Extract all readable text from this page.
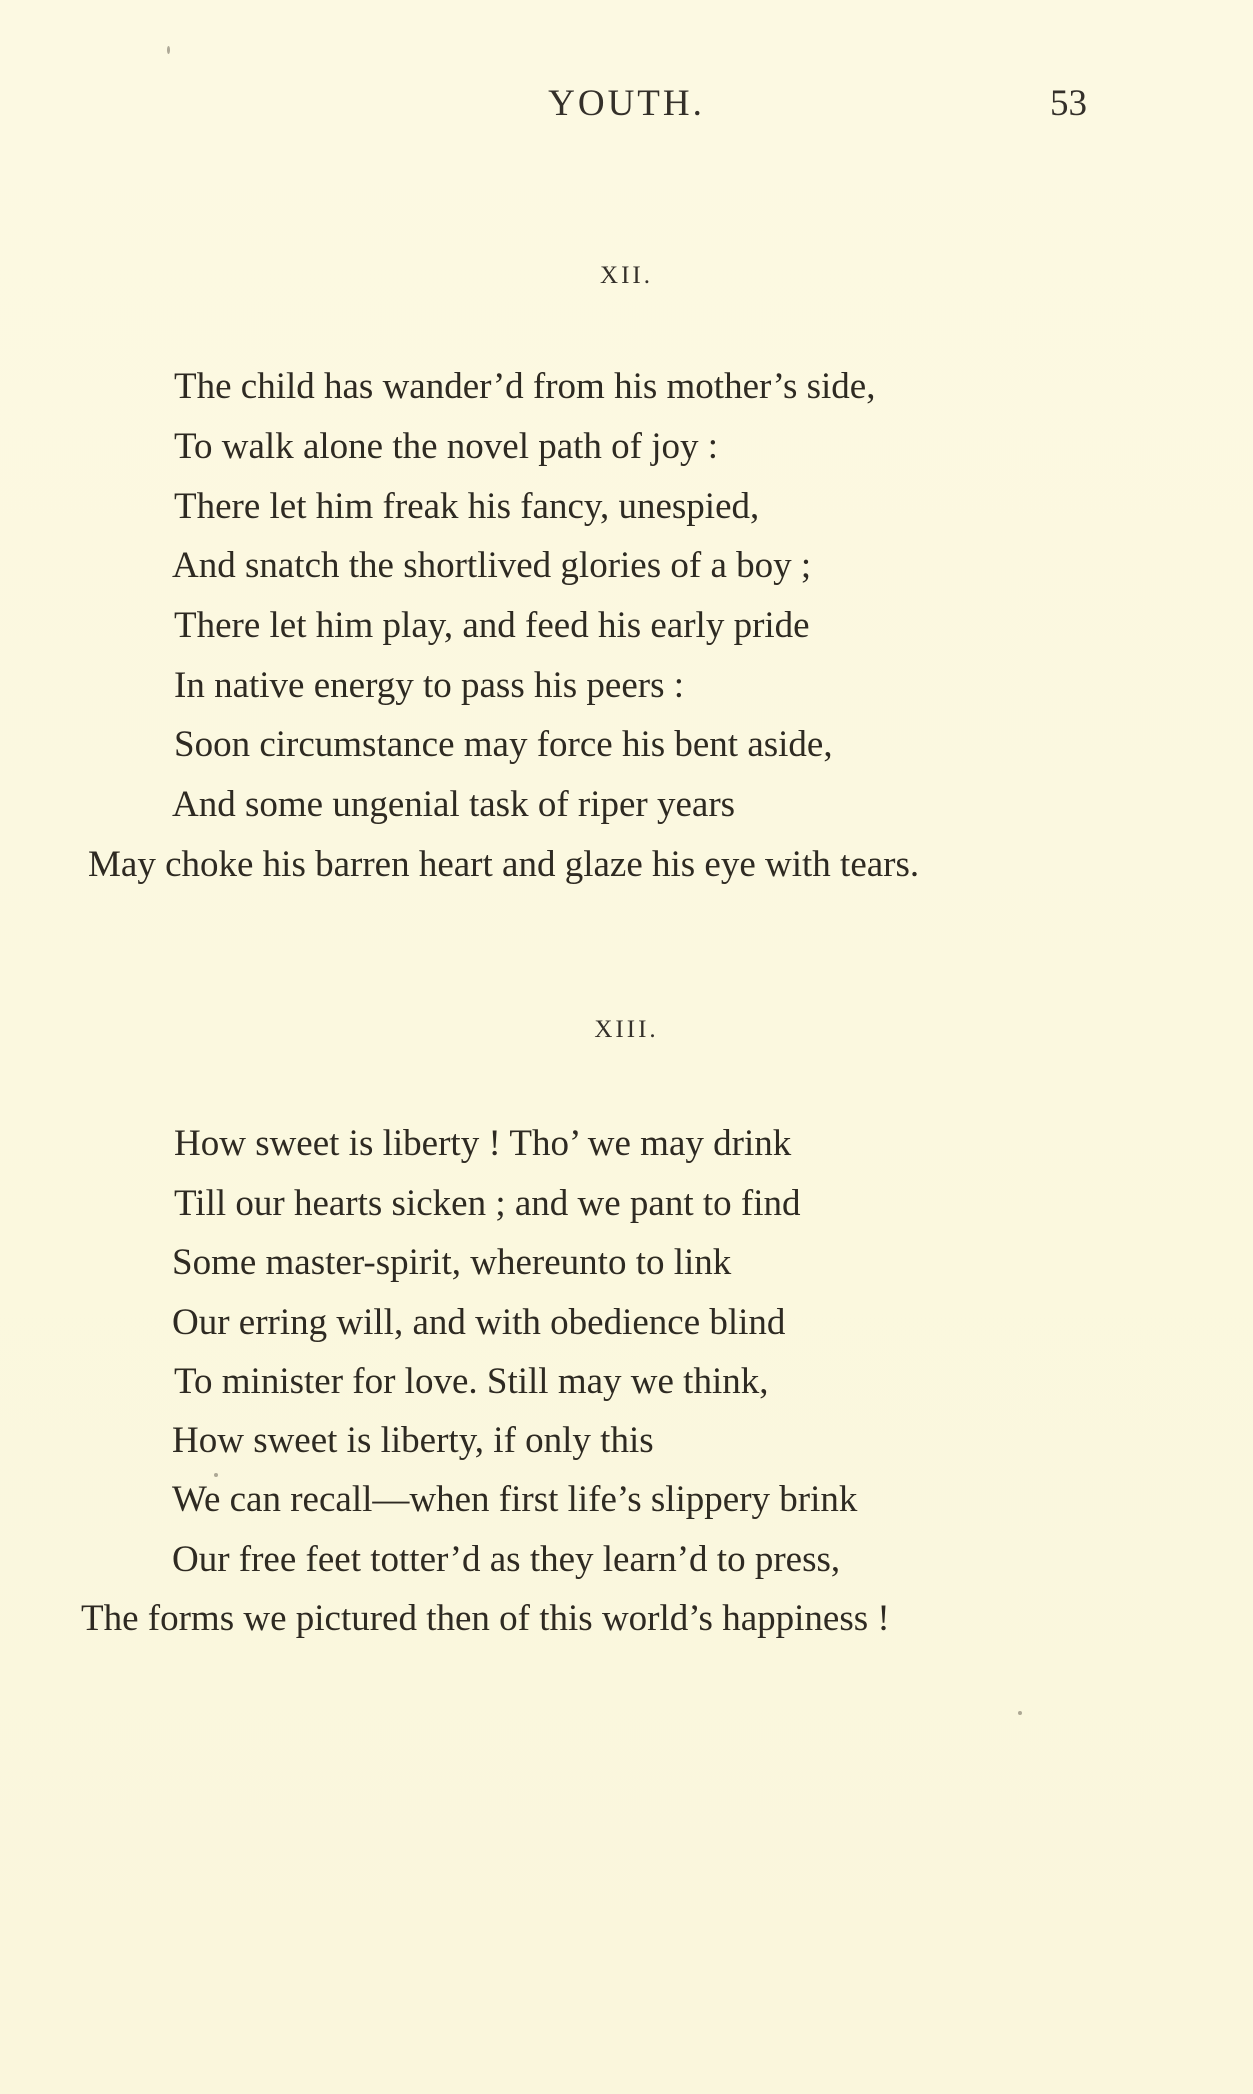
YOUTH.	53
XII.
The child has wander’d from his mother’s side,
To walk alone the novel path of joy :
There let him freak his fancy, unespied,
And snatch the shortlived glories of a boy ;
There let him play, and feed his early pride
In native energy to pass his peers :
Soon circumstance may force his bent aside,
And some ungenial task of riper years
May choke his barren heart and glaze his eye with tears.
XIII.
How sweet is liberty ! Tho’ we may drink
Till our hearts sicken ; and we pant to find
Some master-spirit, whereunto to link
Our erring will, and with obedience blind
To minister for love. Still may we think,
How sweet is liberty, if only this
We can recall—when first life’s slippery brink
Our free feet totter’d as they learn’d to press,
The forms we pictured then of this world’s happiness !
